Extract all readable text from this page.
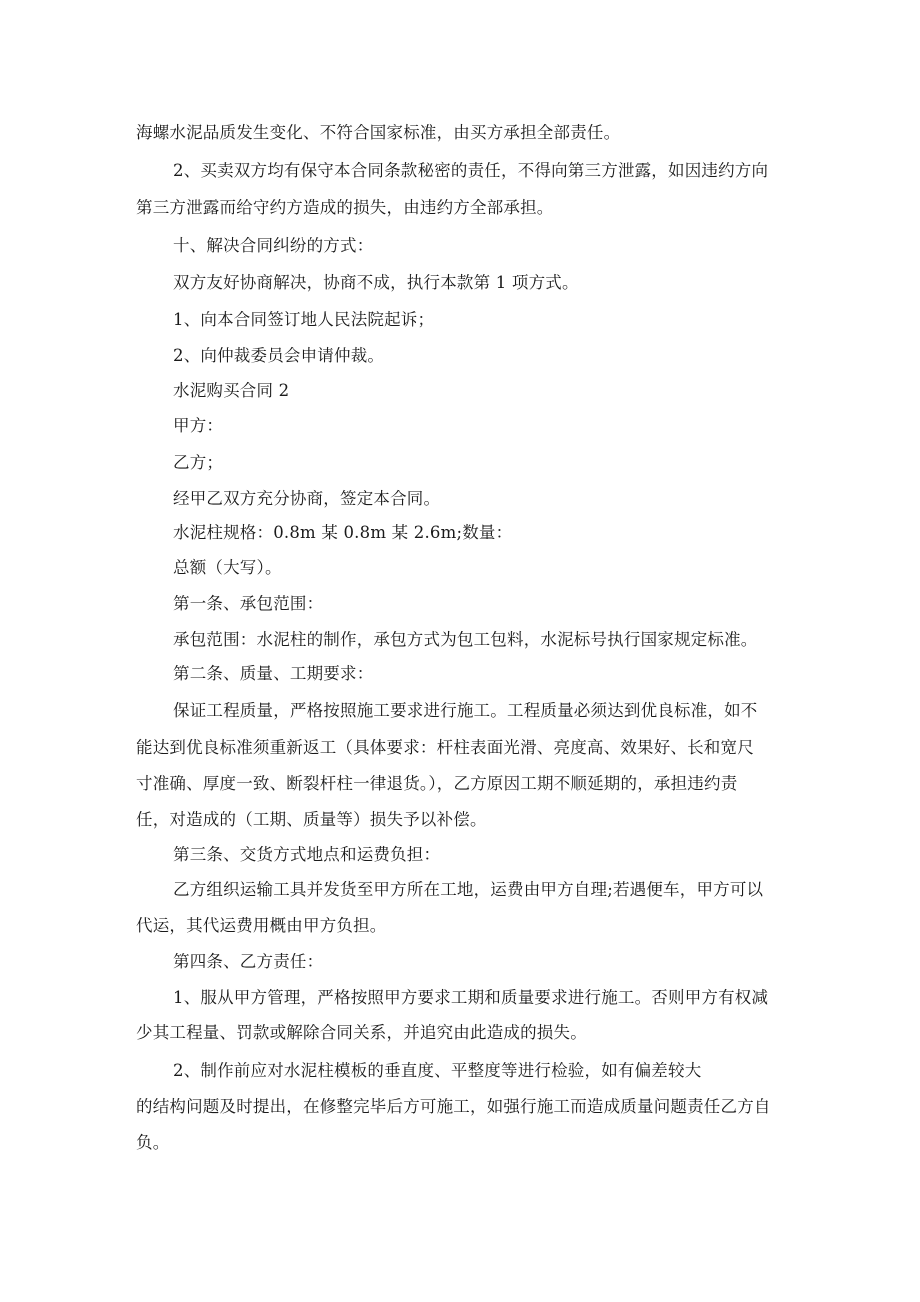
海螺水泥品质发生变化、不符合国家标准，由买方承担全部责任。
2、买卖双方均有保守本合同条款秘密的责任，不得向第三方泄露，如因违约方向
第三方泄露而给守约方造成的损失，由违约方全部承担。
十、解决合同纠纷的方式：
双方友好协商解决，协商不成，执行本款第 1 项方式。
1、向本合同签订地人民法院起诉；
2、向仲裁委员会申请仲裁。
水泥购买合同 2
甲方：
乙方；
经甲乙双方充分协商，签定本合同。
水泥柱规格：0.8m 某 0.8m 某 2.6m;数量：
总额（大写）。
第一条、承包范围：
承包范围：水泥柱的制作，承包方式为包工包料，水泥标号执行国家规定标准。
第二条、质量、工期要求：
保证工程质量，严格按照施工要求进行施工。工程质量必须达到优良标准，如不
能达到优良标准须重新返工（具体要求：杆柱表面光滑、亮度高、效果好、长和宽尺
寸准确、厚度一致、断裂杆柱一律退货。），乙方原因工期不顺延期的，承担违约责
任，对造成的（工期、质量等）损失予以补偿。
第三条、交货方式地点和运费负担：
乙方组织运输工具并发货至甲方所在工地，运费由甲方自理;若遇便车，甲方可以
代运，其代运费用概由甲方负担。
第四条、乙方责任：
1、服从甲方管理，严格按照甲方要求工期和质量要求进行施工。否则甲方有权减
少其工程量、罚款或解除合同关系，并追究由此造成的损失。
2、制作前应对水泥柱模板的垂直度、平整度等进行检验，如有偏差较大
的结构问题及时提出，在修整完毕后方可施工，如强行施工而造成质量问题责任乙方自
负。
